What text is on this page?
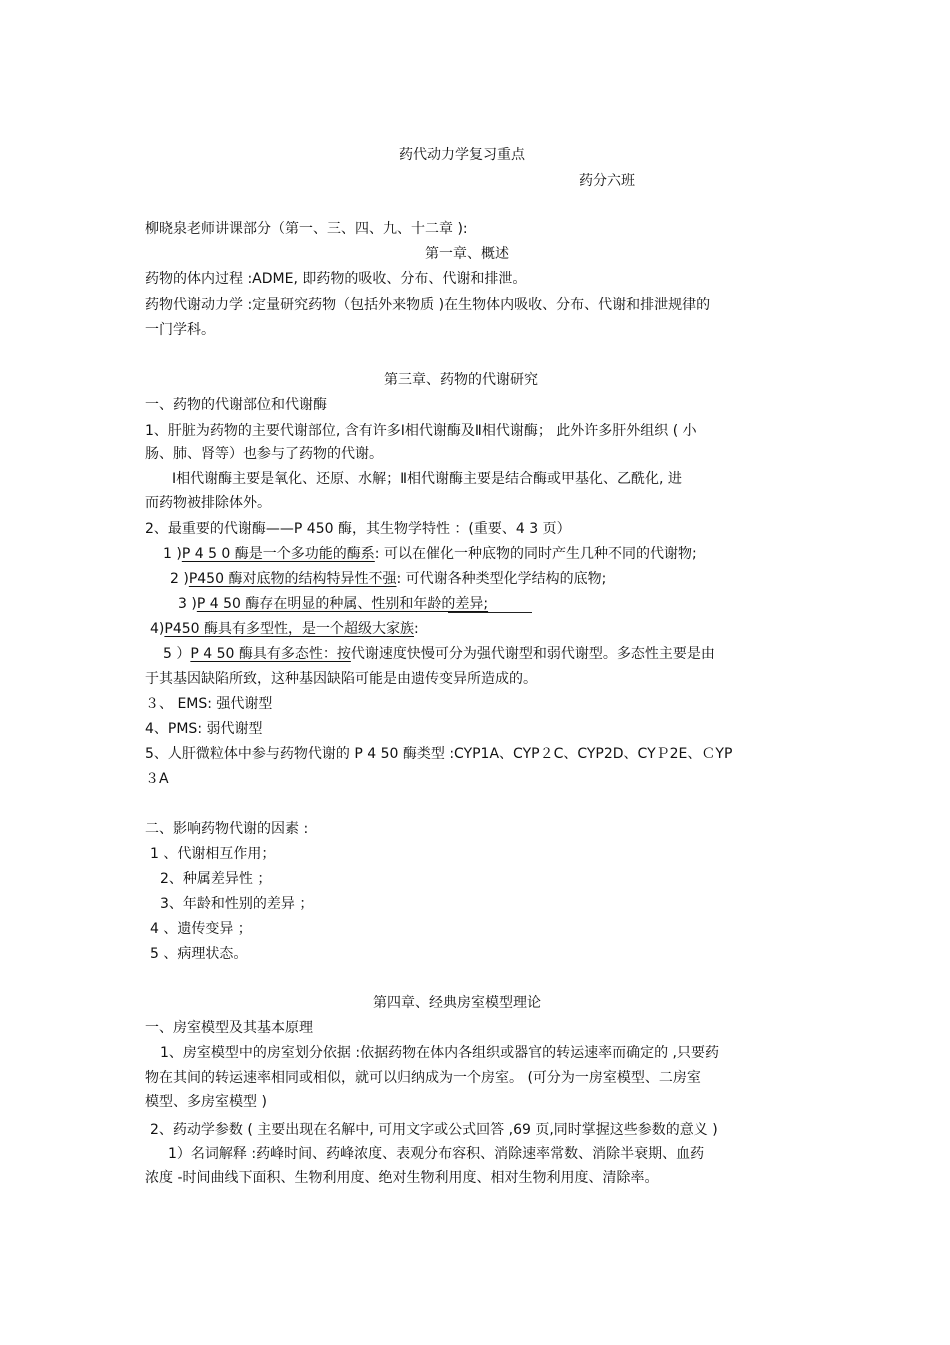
药代动力学复习重点
药分六班
柳晓泉老师讲课部分（第一、三、四、九、十二章 ):
第一章、概述
药物的体内过程 :ADME, 即药物的吸收、分布、代谢和排泄。
药物代谢动力学 :定量研究药物（包括外来物质 )在生物体内吸收、分布、代谢和排泄规律的
一门学科。
第三章、药物的代谢研究
一、药物的代谢部位和代谢酶
1、肝脏为药物的主要代谢部位, 含有许多Ⅰ相代谢酶及Ⅱ相代谢酶； 此外许多肝外组织 ( 小
肠、肺、肾等）也参与了药物的代谢。
Ⅰ相代谢酶主要是氧化、还原、水解；Ⅱ相代谢酶主要是结合酶或甲基化、乙酰化, 进
而药物被排除体外。
2、最重要的代谢酶——P 450 酶，其生物学特性 ：(重要、4 3 页）
1 )P 4 5 0 酶是一个多功能的酶系: 可以在催化一种底物的同时产生几种不同的代谢物;
2 )P450 酶对底物的结构特异性不强: 可代谢各种类型化学结构的底物;
3 )P 4 50 酶存在明显的种属、性别和年龄的差异;
4)P450 酶具有多型性，是一个超级大家族:
5 ）P 4 50 酶具有多态性：按代谢速度快慢可分为强代谢型和弱代谢型。多态性主要是由
于其基因缺陷所致，这种基因缺陷可能是由遗传变异所造成的。
３、 EMS: 强代谢型
4、PMS: 弱代谢型
5、人肝微粒体中参与药物代谢的 P 4 50 酶类型 :CYP1A、CYP２C、CYP2D、CYＰ2E、ＣYP
３A
二、影响药物代谢的因素 :
1 、代谢相互作用；
2、种属差异性 ；
3、年龄和性别的差异 ；
4 、遗传变异 ；
5 、病理状态。
第四章、经典房室模型理论
一、房室模型及其基本原理
1、房室模型中的房室划分依据 :依据药物在体内各组织或器官的转运速率而确定的 ,只要药
物在其间的转运速率相同或相似，就可以归纳成为一个房室。 (可分为一房室模型、二房室
模型、多房室模型 )
2、药动学参数 ( 主要出现在名解中, 可用文字或公式回答 ,69 页,同时掌握这些参数的意义 )
1）名词解释 :药峰时间、药峰浓度、表观分布容积、消除速率常数、消除半衰期、血药
浓度 -时间曲线下面积、生物利用度、绝对生物利用度、相对生物利用度、清除率。
